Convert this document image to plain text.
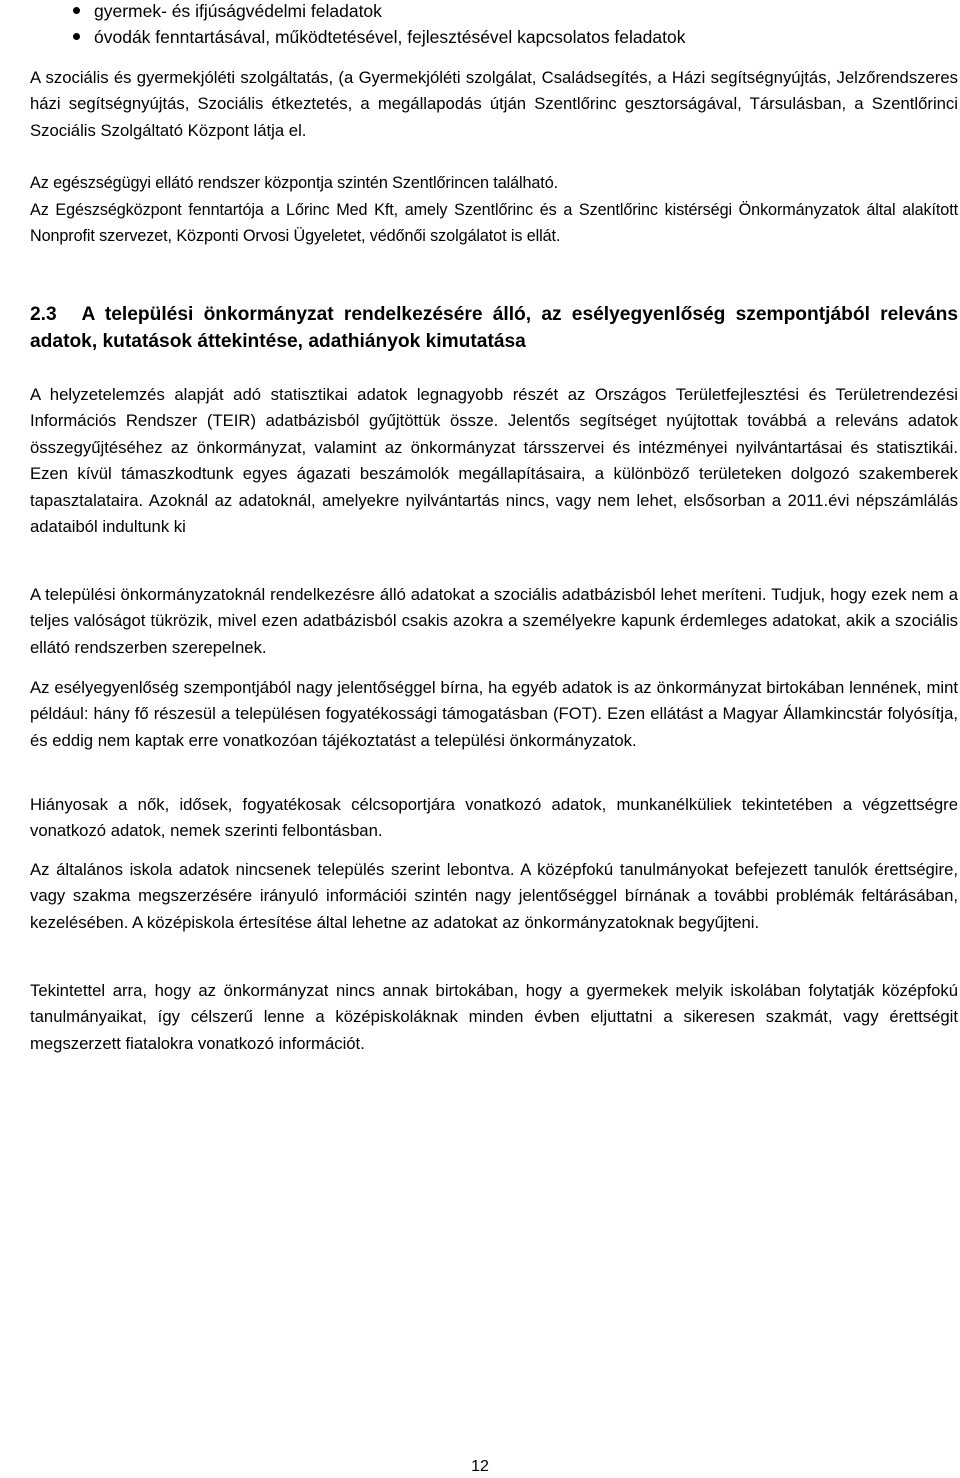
gyermek- és ifjúságvédelmi feladatok
óvodák fenntartásával, működtetésével, fejlesztésével kapcsolatos feladatok

A szociális és gyermekjóléti szolgáltatás, (a Gyermekjóléti szolgálat, Családsegítés, a Házi segítségnyújtás, Jelzőrendszeres házi segítségnyújtás, Szociális étkeztetés, a megállapodás útján Szentlőrinc gesztorságával, Társulásban, a Szentlőrinci Szociális Szolgáltató Központ látja el.

Az egészségügyi ellátó rendszer központja szintén Szentlőrincen található.

Az Egészségközpont fenntartója a Lőrinc Med Kft, amely Szentlőrinc és a Szentlőrinc kistérségi Önkormányzatok által alakított Nonprofit szervezet, Központi Orvosi Ügyeletet, védőnői szolgálatot is ellát.

2.3 A települési önkormányzat rendelkezésére álló, az esélyegyenlőség szempontjából releváns adatok, kutatások áttekintése, adathiányok kimutatása

A helyzetelemzés alapját adó statisztikai adatok legnagyobb részét az Országos Területfejlesztési és Területrendezési Információs Rendszer (TEIR) adatbázisból gyűjtöttük össze. Jelentős segítséget nyújtottak továbbá a releváns adatok összegyűjtéséhez az önkormányzat, valamint az önkormányzat társszervei és intézményei nyilvántartásai és statisztikái. Ezen kívül támaszkodtunk egyes ágazati beszámolók megállapításaira, a különböző területeken dolgozó szakemberek tapasztalataira. Azoknál az adatoknál, amelyekre nyilvántartás nincs, vagy nem lehet, elsősorban a 2011.évi népszámlálás adataiból indultunk ki

A települési önkormányzatoknál rendelkezésre álló adatokat a szociális adatbázisból lehet meríteni. Tudjuk, hogy ezek nem a teljes valóságot tükrözik, mivel ezen adatbázisból csakis azokra a személyekre kapunk érdemleges adatokat, akik a szociális ellátó rendszerben szerepelnek.

Az esélyegyenlőség szempontjából nagy jelentőséggel bírna, ha egyéb adatok is az önkormányzat birtokában lennének, mint például: hány fő részesül a településen fogyatékossági támogatásban (FOT). Ezen ellátást a Magyar Államkincstár folyósítja, és eddig nem kaptak erre vonatkozóan tájékoztatást a települési önkormányzatok.

Hiányosak a nők, idősek, fogyatékosak célcsoportjára vonatkozó adatok, munkanélküliek tekintetében a végzettségre vonatkozó adatok, nemek szerinti felbontásban.

Az általános iskola adatok nincsenek település szerint lebontva. A középfokú tanulmányokat befejezett tanulók érettségire, vagy szakma megszerzésére irányuló információi szintén nagy jelentőséggel bírnának a további problémák feltárásában, kezelésében. A középiskola értesítése által lehetne az adatokat az önkormányzatoknak begyűjteni.

Tekintettel arra, hogy az önkormányzat nincs annak birtokában, hogy a gyermekek melyik iskolában folytatják középfokú tanulmányaikat, így célszerű lenne a középiskoláknak minden évben eljuttatni a sikeresen szakmát, vagy érettségit megszerzett fiatalokra vonatkozó információt.

12
